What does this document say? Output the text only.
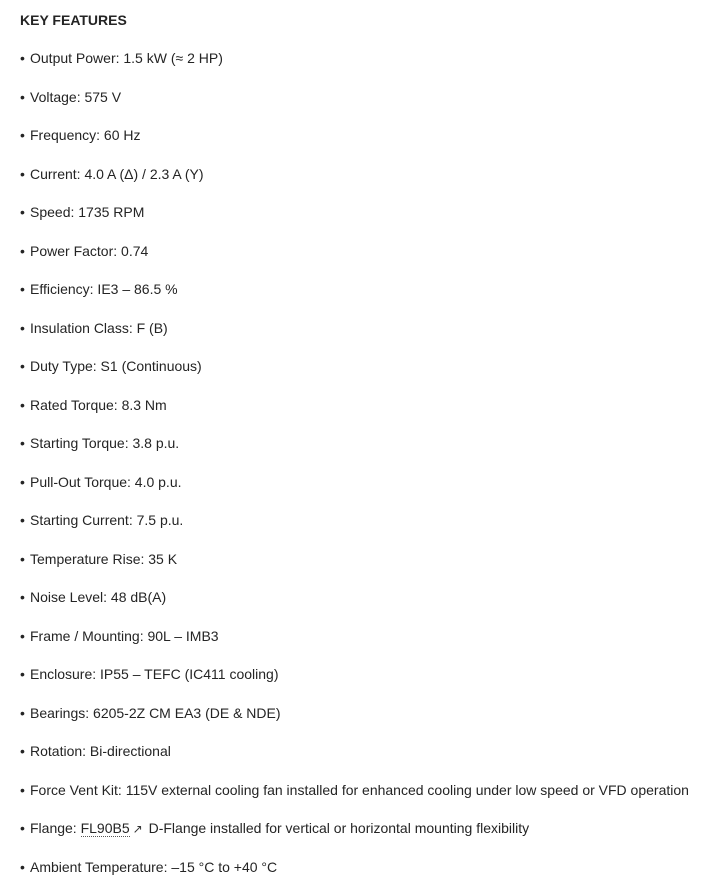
KEY FEATURES
• Output Power: 1.5 kW (≈ 2 HP)
• Voltage: 575 V
• Frequency: 60 Hz
• Current: 4.0 A (Δ) / 2.3 A (Y)
• Speed: 1735 RPM
• Power Factor: 0.74
• Efficiency: IE3 – 86.5 %
• Insulation Class: F (B)
• Duty Type: S1 (Continuous)
• Rated Torque: 8.3 Nm
• Starting Torque: 3.8 p.u.
• Pull-Out Torque: 4.0 p.u.
• Starting Current: 7.5 p.u.
• Temperature Rise: 35 K
• Noise Level: 48 dB(A)
• Frame / Mounting: 90L – IMB3
• Enclosure: IP55 – TEFC (IC411 cooling)
• Bearings: 6205-2Z CM EA3 (DE & NDE)
• Rotation: Bi-directional
• Force Vent Kit: 115V external cooling fan installed for enhanced cooling under low speed or VFD operation
• Flange: FL90B5 ↗ D-Flange installed for vertical or horizontal mounting flexibility
• Ambient Temperature: –15 °C to +40 °C
